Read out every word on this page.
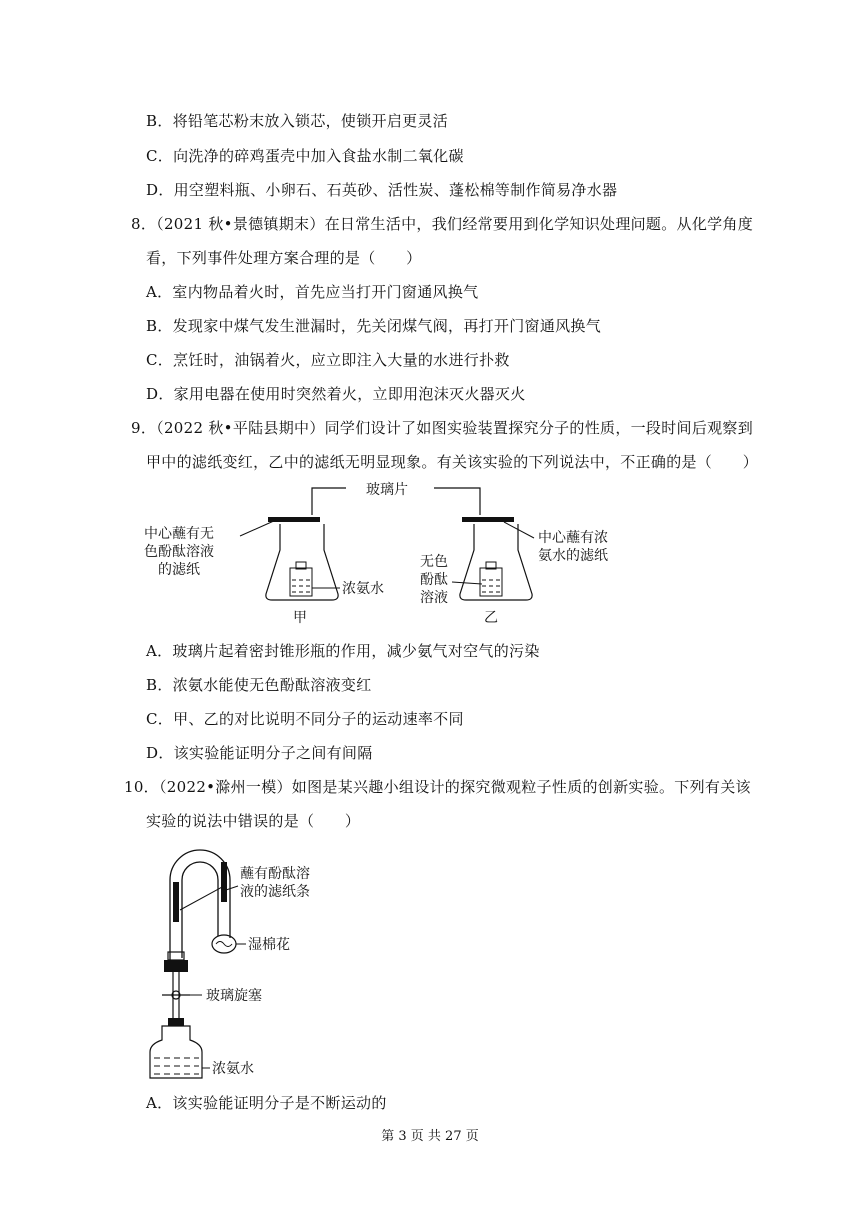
B．将铅笔芯粉末放入锁芯，使锁开启更灵活
C．向洗净的碎鸡蛋壳中加入食盐水制二氧化碳
D．用空塑料瓶、小卵石、石英砂、活性炭、蓬松棉等制作简易净水器
8．（2021 秋•景德镇期末）在日常生活中，我们经常要用到化学知识处理问题。从化学角度
看，下列事件处理方案合理的是（　　）
A．室内物品着火时，首先应当打开门窗通风换气
B．发现家中煤气发生泄漏时，先关闭煤气阀，再打开门窗通风换气
C．烹饪时，油锅着火，应立即注入大量的水进行扑救
D．家用电器在使用时突然着火，立即用泡沫灭火器灭火
9．（2022 秋•平陆县期中）同学们设计了如图实验装置探究分子的性质，一段时间后观察到
甲中的滤纸变红，乙中的滤纸无明显现象。有关该实验的下列说法中，不正确的是（　　）
玻璃片
中心蘸有无
色酚酞溶液
的滤纸
浓氨水
甲
中心蘸有浓
氨水的滤纸
无色
酚酞
溶液
乙
A．玻璃片起着密封锥形瓶的作用，减少氨气对空气的污染
B．浓氨水能使无色酚酞溶液变红
C．甲、乙的对比说明不同分子的运动速率不同
D．该实验能证明分子之间有间隔
10．（2022•滁州一模）如图是某兴趣小组设计的探究微观粒子性质的创新实验。下列有关该
实验的说法中错误的是（　　）
蘸有酚酞溶
液的滤纸条
湿棉花
玻璃旋塞
浓氨水
A．该实验能证明分子是不断运动的
第 3 页 共 27 页
